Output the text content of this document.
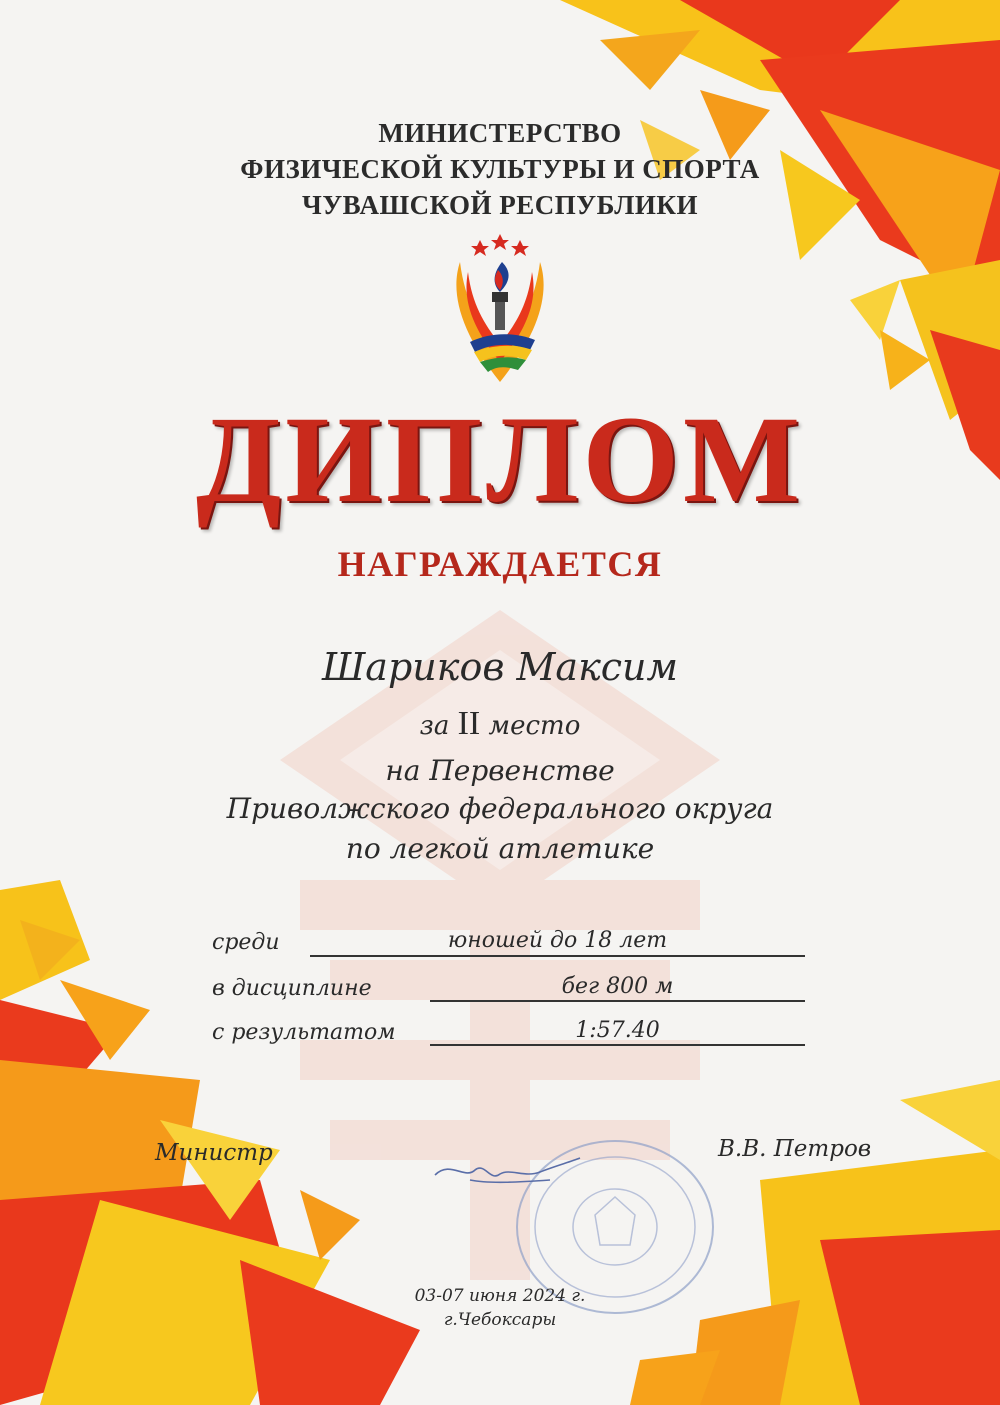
МИНИСТЕРСТВО
ФИЗИЧЕСКОЙ КУЛЬТУРЫ И СПОРТА
ЧУВАШСКОЙ РЕСПУБЛИКИ
ДИПЛОМ
НАГРАЖДАЕТСЯ
Шариков Максим
за II место
на Первенстве
Приволжского федерального округа
по легкой атлетике
среди	юношей до 18 лет
в дисциплине	бег 800 м
с результатом	1:57.40
Министр	В.В. Петров
03-07 июня 2024 г.
г.Чебоксары
